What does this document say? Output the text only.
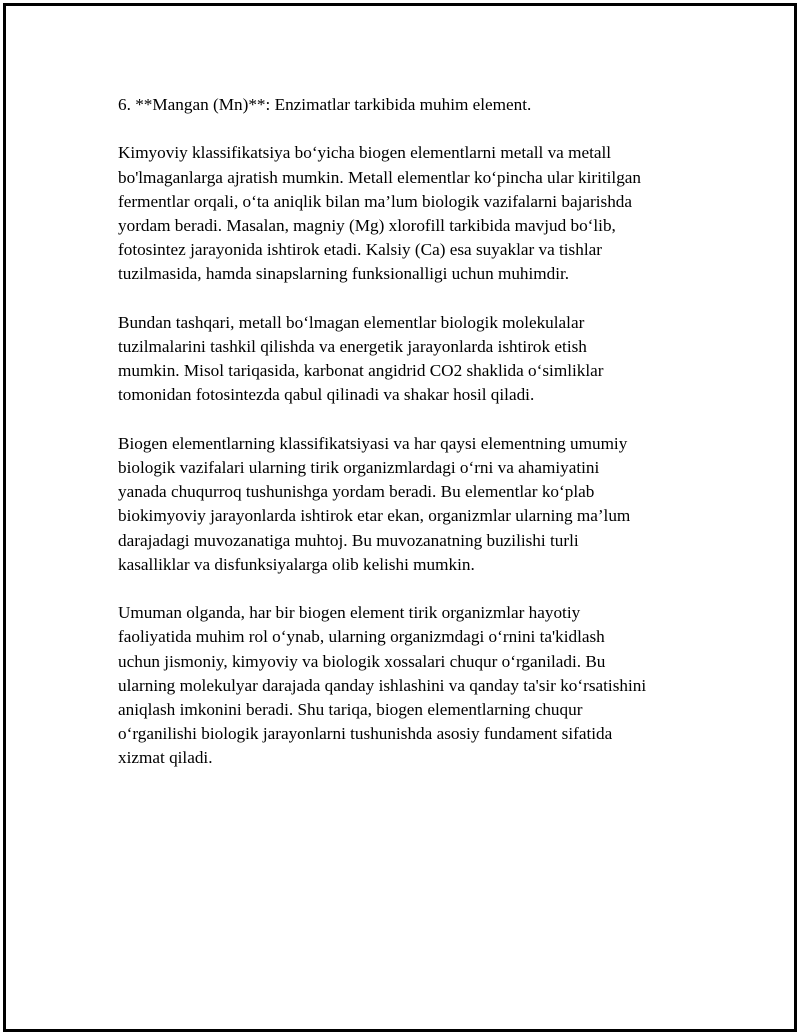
6. **Mangan (Mn)**: Enzimatlar tarkibida muhim element.

Kimyoviy klassifikatsiya bo‘yicha biogen elementlarni metall va metall
bo'lmaganlarga ajratish mumkin. Metall elementlar ko‘pincha ular kiritilgan
fermentlar orqali, o‘ta aniqlik bilan ma’lum biologik vazifalarni bajarishda
yordam beradi. Masalan, magniy (Mg) xlorofill tarkibida mavjud bo‘lib,
fotosintez jarayonida ishtirok etadi. Kalsiy (Ca) esa suyaklar va tishlar
tuzilmasida, hamda sinapslarning funksionalligi uchun muhimdir.

Bundan tashqari, metall bo‘lmagan elementlar biologik molekulalar
tuzilmalarini tashkil qilishda va energetik jarayonlarda ishtirok etish
mumkin. Misol tariqasida, karbonat angidrid CO2 shaklida o‘simliklar
tomonidan fotosintezda qabul qilinadi va shakar hosil qiladi.

Biogen elementlarning klassifikatsiyasi va har qaysi elementning umumiy
biologik vazifalari ularning tirik organizmlardagi o‘rni va ahamiyatini
yanada chuqurroq tushunishga yordam beradi. Bu elementlar ko‘plab
biokimyoviy jarayonlarda ishtirok etar ekan, organizmlar ularning ma’lum
darajadagi muvozanatiga muhtoj. Bu muvozanatning buzilishi turli
kasalliklar va disfunksiyalarga olib kelishi mumkin.

Umuman olganda, har bir biogen element tirik organizmlar hayotiy
faoliyatida muhim rol o‘ynab, ularning organizmdagi o‘rnini ta'kidlash
uchun jismoniy, kimyoviy va biologik xossalari chuqur o‘rganiladi. Bu
ularning molekulyar darajada qanday ishlashini va qanday ta'sir ko‘rsatishini
aniqlash imkonini beradi. Shu tariqa, biogen elementlarning chuqur
o‘rganilishi biologik jarayonlarni tushunishda asosiy fundament sifatida
xizmat qiladi.
